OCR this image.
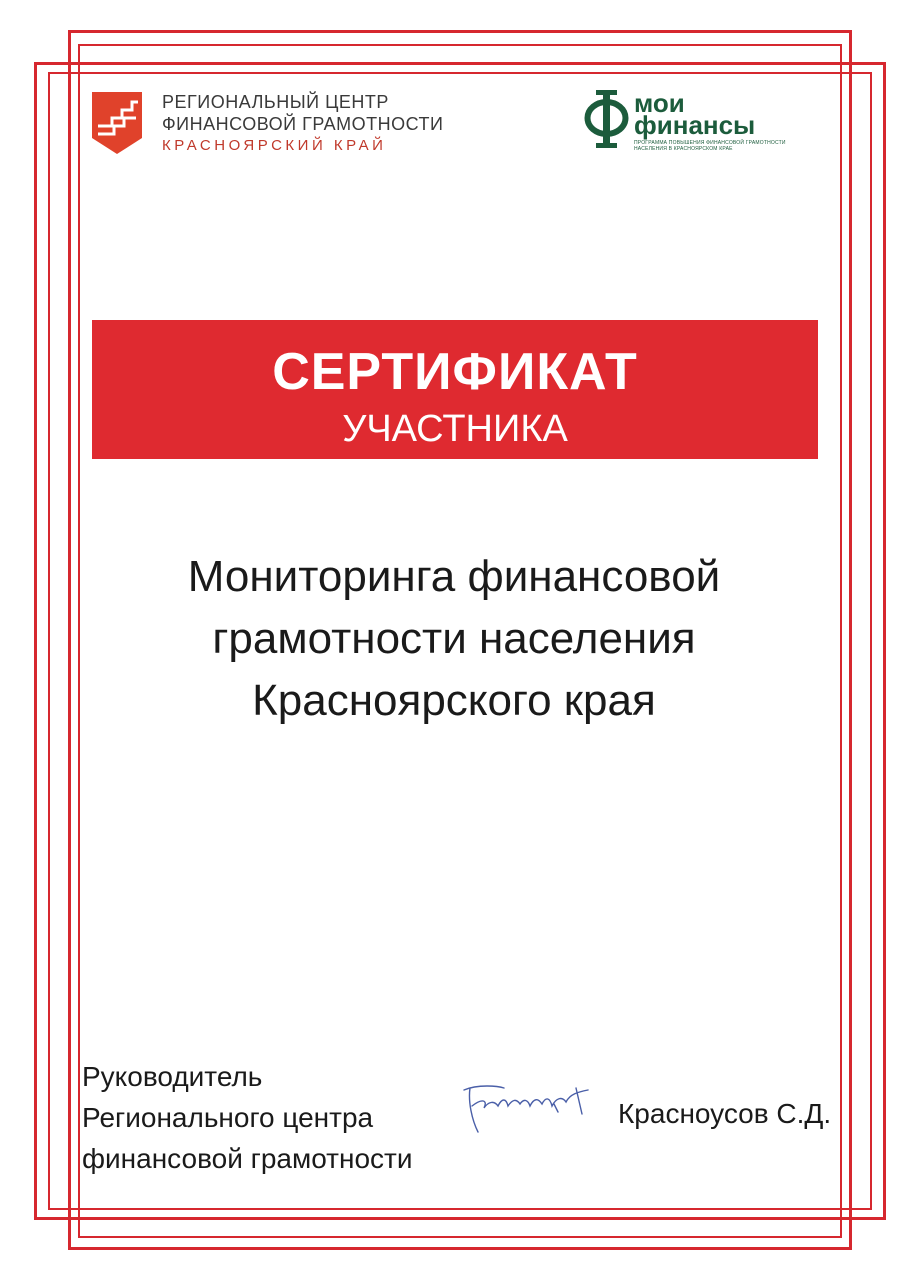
РЕГИОНАЛЬНЫЙ ЦЕНТР
ФИНАНСОВОЙ ГРАМОТНОСТИ
КРАСНОЯРСКИЙ КРАЙ
мои
финансы
ПРОГРАММА ПОВЫШЕНИЯ ФИНАНСОВОЙ ГРАМОТНОСТИ
НАСЕЛЕНИЯ В КРАСНОЯРСКОМ КРАЕ
СЕРТИФИКАТ
УЧАСТНИКА
Мониторинга финансовой
грамотности населения
Красноярского края
Руководитель
Регионального центра
финансовой грамотности
Красноусов С.Д.
